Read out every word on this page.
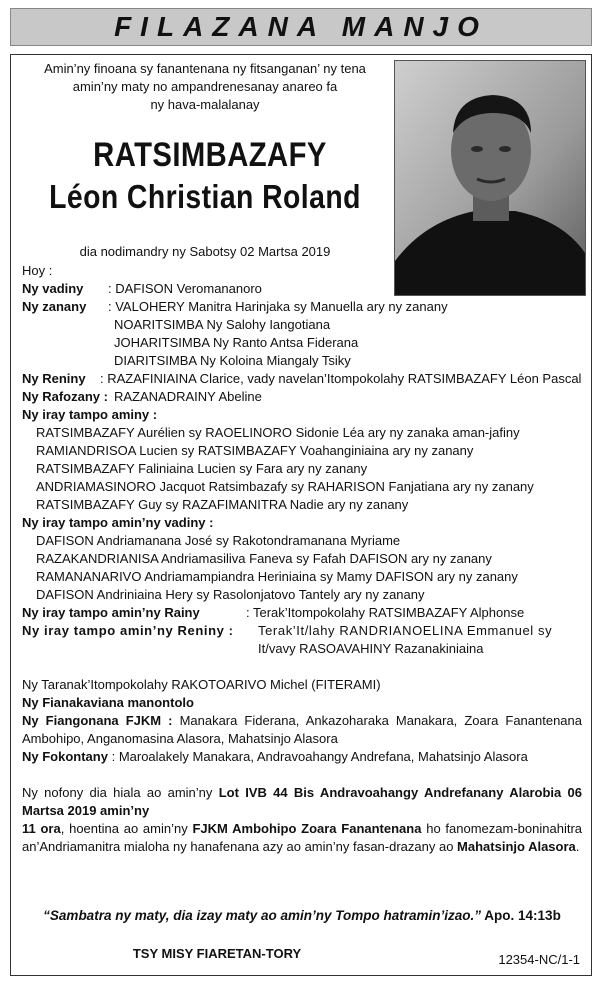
FILAZANA MANJO
Amin’ny finoana sy fanantenana ny fitsanganan’ ny tena
amin’ny maty no ampandrenesanay anareo fa
ny hava-malalanay
RATSIMBAZAFY
Léon Christian Roland
dia nodimandry ny Sabotsy 02 Martsa 2019
Hoy :
Ny vadiny : DAFISON Veromananoro
Ny zanany : VALOHERY Manitra Harinjaka sy Manuella ary ny zanany
NOARITSIMBA Ny Salohy Iangotiana
JOHARITSIMBA Ny Ranto Antsa Fiderana
DIARITSIMBA Ny Koloina Miangaly Tsiky
Ny Reniny : RAZAFINIAINA Clarice, vady navelan’Itompokolahy RATSIMBAZAFY Léon Pascal
Ny Rafozany : RAZANADRAINY Abeline
Ny iray tampo aminy :
RATSIMBAZAFY Aurélien sy RAOELINORO Sidonie Léa ary ny zanaka aman-jafiny
RAMIANDRISOA Lucien sy RATSIMBAZAFY Voahanginiaina ary ny zanany
RATSIMBAZAFY Faliniaina Lucien sy Fara ary ny zanany
ANDRIAMASINORO Jacquot Ratsimbazafy sy RAHARISON Fanjatiana ary ny zanany
RATSIMBAZAFY Guy sy RAZAFIMANITRA Nadie ary ny zanany
Ny iray tampo amin’ny vadiny :
DAFISON Andriamanana José sy Rakotondramanana Myriame
RAZAKANDRIANISA Andriamasiliva Faneva sy Fafah DAFISON ary ny zanany
RAMANANARIVO Andriamampiandra Heriniaina sy Mamy DAFISON ary ny zanany
DAFISON Andriniaina Hery sy Rasolonjatovo Tantely ary ny zanany
Ny iray tampo amin’ny Rainy	: Terak’Itompokolahy RATSIMBAZAFY Alphonse
Ny iray tampo amin’ny Reniny : Terak’It/lahy RANDRIANOELINA Emmanuel sy
It/vavy RASOAVAHINY Razanakiniaina
Ny Taranak’Itompokolahy RAKOTOARIVO Michel (FITERAMI)
Ny Fianakaviana manontolo
Ny Fiangonana FJKM : Manakara Fiderana, Ankazoharaka Manakara, Zoara Fanantenana Ambohipo, Anganomasina Alasora, Mahatsinjo Alasora
Ny Fokontany : Maroalakely Manakara, Andravoahangy Andrefana, Mahatsinjo Alasora
Ny nofony dia hiala ao amin’ny Lot IVB 44 Bis Andravoahangy Andrefanany Alarobia 06 Martsa 2019 amin’ny
11 ora, hoentina ao amin’ny FJKM Ambohipo Zoara Fanantenana ho fanomezam-boninahitra an’Andriamanitra mialoha ny hanafenana azy ao amin’ny fasan-drazany ao Mahatsinjo Alasora.
“Sambatra ny maty, dia izay maty ao amin’ny Tompo hatramin’izao.” Apo. 14:13b
TSY MISY FIARETAN-TORY	12354-NC/1-1
